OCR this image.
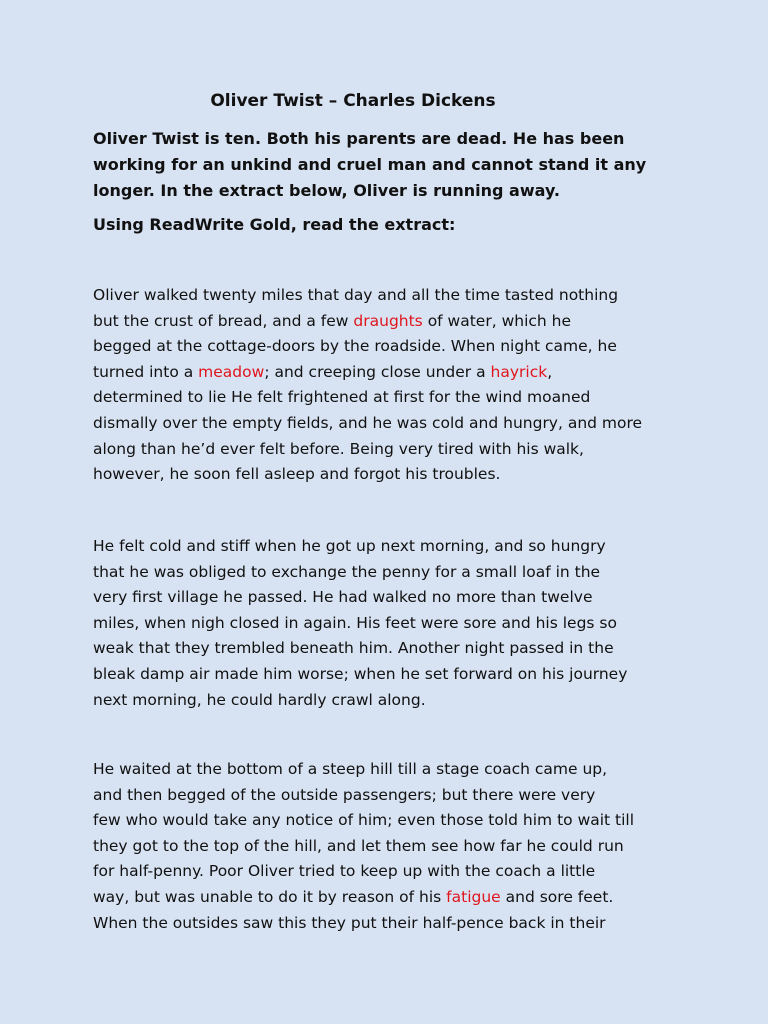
Oliver Twist – Charles Dickens
Oliver Twist is ten. Both his parents are dead. He has been
working for an unkind and cruel man and cannot stand it any
longer. In the extract below, Oliver is running away.
Using ReadWrite Gold, read the extract:
Oliver walked twenty miles that day and all the time tasted nothing
but the crust of bread, and a few draughts of water, which he
begged at the cottage-doors by the roadside. When night came, he
turned into a meadow; and creeping close under a hayrick,
determined to lie He felt frightened at first for the wind moaned
dismally over the empty fields, and he was cold and hungry, and more
along than he’d ever felt before. Being very tired with his walk,
however, he soon fell asleep and forgot his troubles.
He felt cold and stiff when he got up next morning, and so hungry
that he was obliged to exchange the penny for a small loaf in the
very first village he passed. He had walked no more than twelve
miles, when nigh closed in again. His feet were sore and his legs so
weak that they trembled beneath him. Another night passed in the
bleak damp air made him worse; when he set forward on his journey
next morning, he could hardly crawl along.
He waited at the bottom of a steep hill till a stage coach came up,
and then begged of the outside passengers; but there were very
few who would take any notice of him; even those told him to wait till
they got to the top of the hill, and let them see how far he could run
for half-penny. Poor Oliver tried to keep up with the coach a little
way, but was unable to do it by reason of his fatigue and sore feet.
When the outsides saw this they put their half-pence back in their
